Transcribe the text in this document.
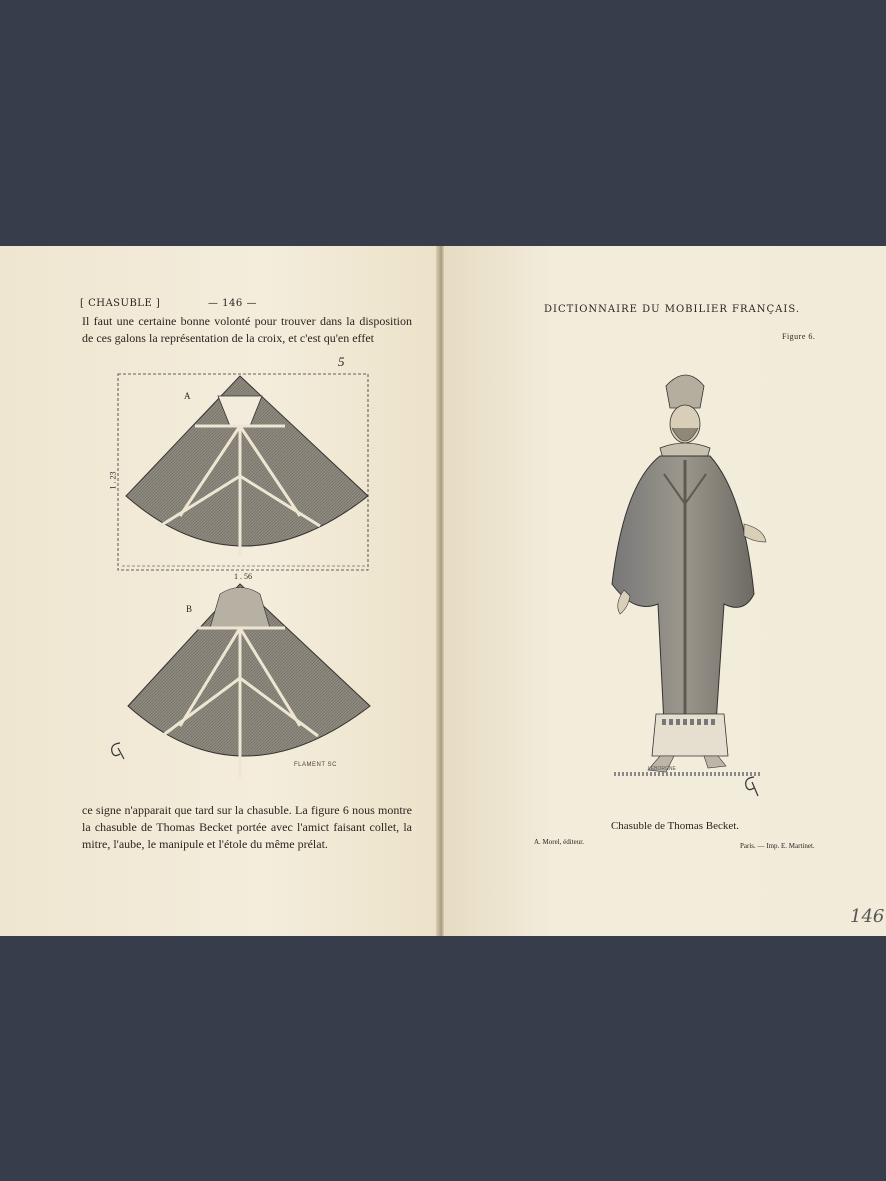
[ CHASUBLE ]	— 146 —
Il faut une certaine bonne volonté pour trouver dans la disposition de ces galons la représentation de la croix, et c'est qu'en effet
5
A
B
1 . 56
1 . 23
FLAMENT SC
ce signe n'apparait que tard sur la chasuble. La figure 6 nous montre la chasuble de Thomas Becket portée avec l'amict faisant collet, la mitre, l'aube, le manipule et l'étole du même prélat.
DICTIONNAIRE DU MOBILIER FRANÇAIS.
Figure 6.
LEBORGNE
Chasuble de Thomas Becket.
A. Morel, éditeur.	Paris. — Imp. E. Martinet.
146
